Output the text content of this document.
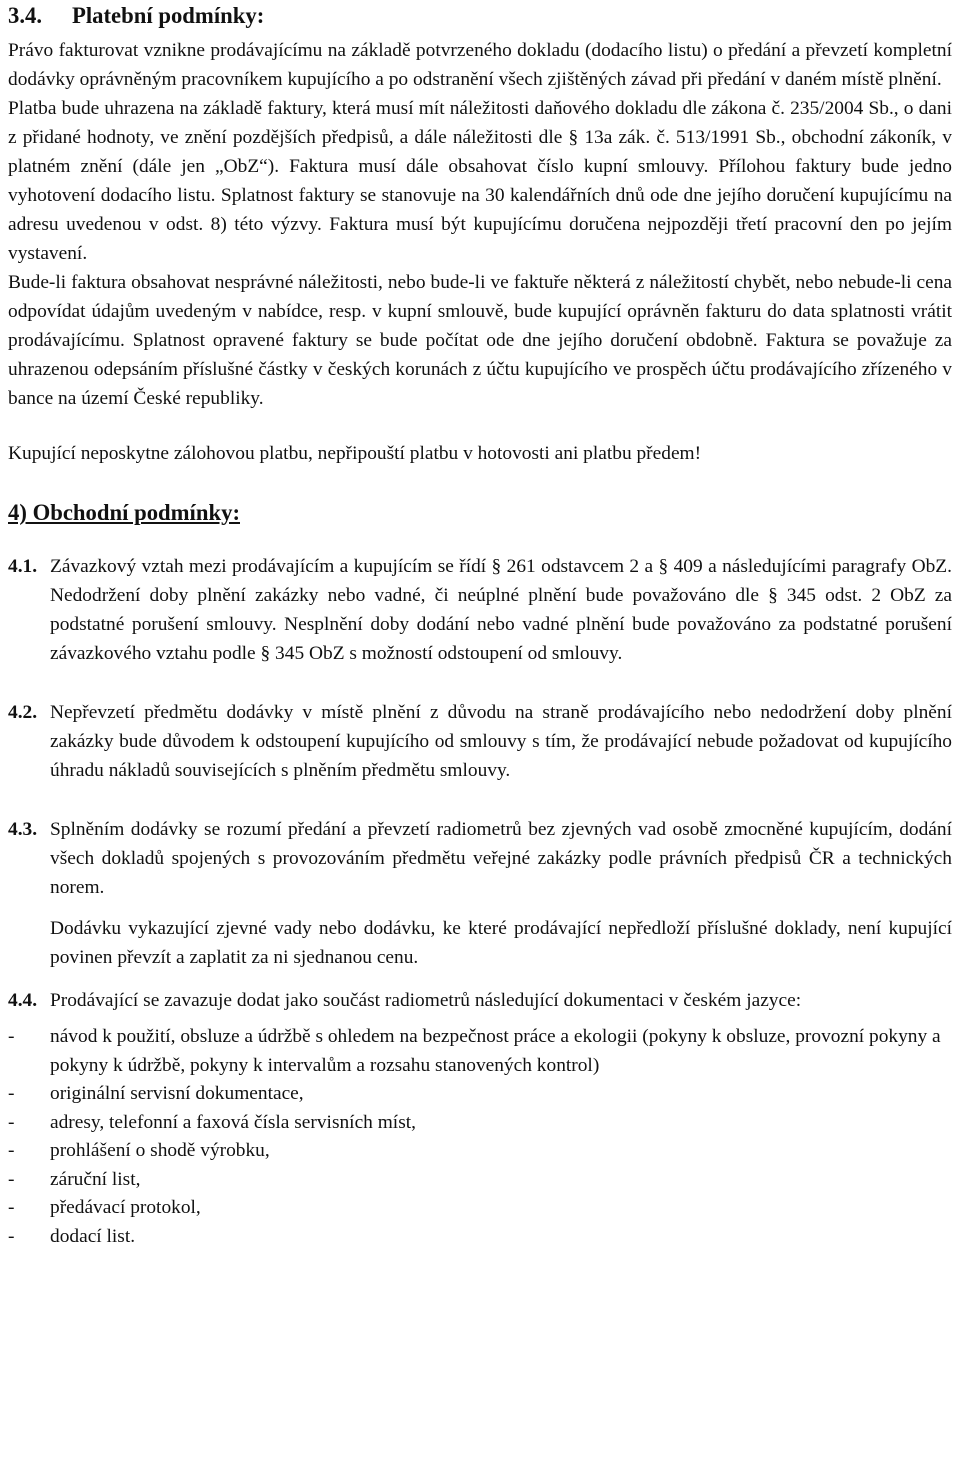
3.4. Platební podmínky:

Právo fakturovat vznikne prodávajícímu na základě potvrzeného dokladu (dodacího listu) o předání a převzetí kompletní dodávky oprávněným pracovníkem kupujícího a po odstranění všech zjištěných závad při předání v daném místě plnění.

Platba bude uhrazena na základě faktury, která musí mít náležitosti daňového dokladu dle zákona č. 235/2004 Sb., o dani z přidané hodnoty, ve znění pozdějších předpisů, a dále náležitosti dle § 13a zák. č. 513/1991 Sb., obchodní zákoník, v platném znění (dále jen „ObZ“). Faktura musí dále obsahovat číslo kupní smlouvy. Přílohou faktury bude jedno vyhotovení dodacího listu. Splatnost faktury se stanovuje na 30 kalendářních dnů ode dne jejího doručení kupujícímu na adresu uvedenou v odst. 8) této výzvy. Faktura musí být kupujícímu doručena nejpozději třetí pracovní den po jejím vystavení.

Bude-li faktura obsahovat nesprávné náležitosti, nebo bude-li ve faktuře některá z náležitostí chybět, nebo nebude-li cena odpovídat údajům uvedeným v nabídce, resp. v kupní smlouvě, bude kupující oprávněn fakturu do data splatnosti vrátit prodávajícímu. Splatnost opravené faktury se bude počítat ode dne jejího doručení obdobně. Faktura se považuje za uhrazenou odepsáním příslušné částky v českých korunách z účtu kupujícího ve prospěch účtu prodávajícího zřízeného v bance na území České republiky.

Kupující neposkytne zálohovou platbu, nepřipouští platbu v hotovosti ani platbu předem!

4) Obchodní podmínky:
4.1. Závazkový vztah mezi prodávajícím a kupujícím se řídí § 261 odstavcem 2 a § 409 a následujícími paragrafy ObZ. Nedodržení doby plnění zakázky nebo vadné, či neúplné plnění bude považováno dle § 345 odst. 2 ObZ za podstatné porušení smlouvy. Nesplnění doby dodání nebo vadné plnění bude považováno za podstatné porušení závazkového vztahu podle § 345 ObZ s možností odstoupení od smlouvy.
4.2. Nepřevzetí předmětu dodávky v místě plnění z důvodu na straně prodávajícího nebo nedodržení doby plnění zakázky bude důvodem k odstoupení kupujícího od smlouvy s tím, že prodávající nebude požadovat od kupujícího úhradu nákladů souvisejících s plněním předmětu smlouvy.
4.3. Splněním dodávky se rozumí předání a převzetí radiometrů bez zjevných vad osobě zmocněné kupujícím, dodání všech dokladů spojených s provozováním předmětu veřejné zakázky podle právních předpisů ČR a technických norem.

Dodávku vykazující zjevné vady nebo dodávku, ke které prodávající nepředloží příslušné doklady, není kupující povinen převzít a zaplatit za ni sjednanou cenu.

4.4. Prodávající se zavazuje dodat jako součást radiometrů následující dokumentaci v českém jazyce:
-	návod k použití, obsluze a údržbě s ohledem na bezpečnost práce a ekologii (pokyny k obsluze, provozní pokyny a pokyny k údržbě, pokyny k intervalům a rozsahu stanovených kontrol)
-	originální servisní dokumentace,
-	adresy, telefonní a faxová čísla servisních míst,
-	prohlášení o shodě výrobku,
-	záruční list,
-	předávací protokol,
-	dodací list.
